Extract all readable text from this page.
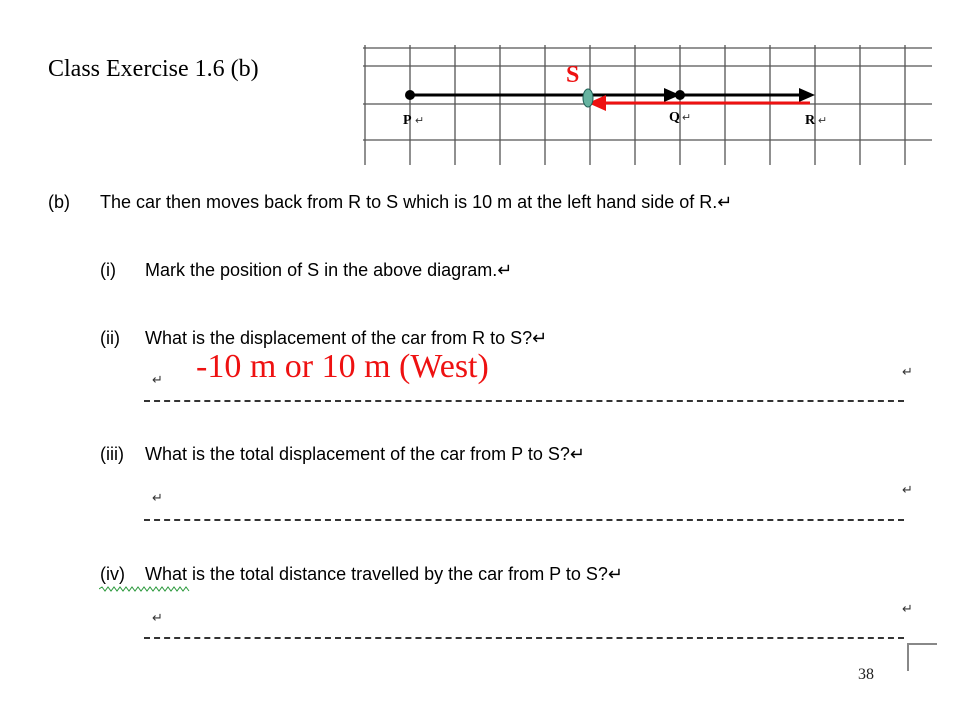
Class Exercise 1.6 (b)	S
P ↵	Q ↵	R ↵
(b) The car then moves back from R to S which is 10 m at the left hand side of R.↵
(i) Mark the position of S in the above diagram.↵
(ii) What is the displacement of the car from R to S?↵
↵ -10 m or 10 m (West)	↵
(iii) What is the total displacement of the car from P to S?↵
↵
↵
(iv) What is the total distance travelled by the car from P to S?↵
↵
↵
38
